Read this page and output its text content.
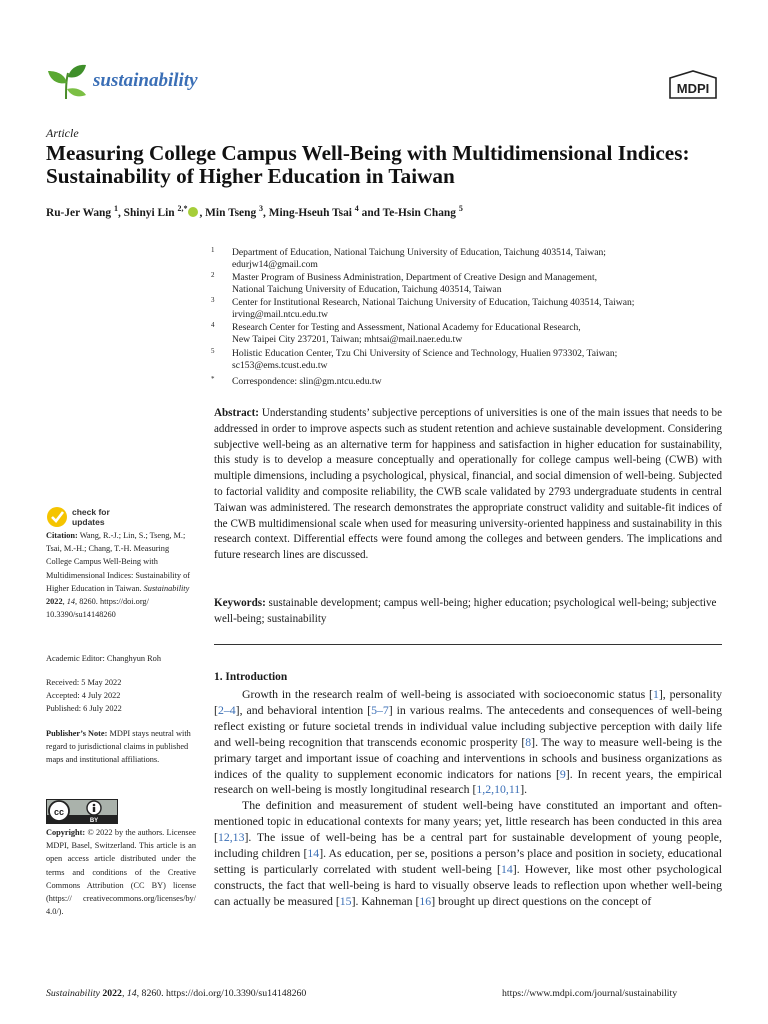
sustainability	MDPI
Article
Measuring College Campus Well-Being with Multidimensional Indices: Sustainability of Higher Education in Taiwan
Ru-Jer Wang $^1$, Shinyi Lin $^{2,*}$ , Min Tseng $^3$, Ming-Hseuh Tsai $^4$ and Te-Hsin Chang $^5$
1 Department of Education, National Taichung University of Education, Taichung 403514, Taiwan;
edurjw14@gmail.com
2 Master Program of Business Administration, Department of Creative Design and Management,
National Taichung University of Education, Taichung 403514, Taiwan
3 Center for Institutional Research, National Taichung University of Education, Taichung 403514, Taiwan;
irving@mail.ntcu.edu.tw
4 Research Center for Testing and Assessment, National Academy for Educational Research,
New Taipei City 237201, Taiwan; mhtsai@mail.naer.edu.tw
5 Holistic Education Center, Tzu Chi University of Science and Technology, Hualien 973302, Taiwan;
sc153@ems.tcust.edu.tw
* Correspondence: slin@gm.ntcu.edu.tw
Abstract: Understanding students’ subjective perceptions of universities is one of the main issues that needs to be addressed in order to improve aspects such as student retention and achieve sustainable development. Considering subjective well-being as an alternative term for happiness and satisfaction in higher education for sustainability, this study is to develop a measure conceptually and operationally for college campus well-being (CWB) with multiple dimensions, including a psychological, physical, financial, and social dimension of well-being. Subjected to factorial validity and composite reliability, the CWB scale validated by 2793 undergraduate students in central Taiwan was administered. The research demonstrates the appropriate construct validity and suitable-fit indices of the CWB multidimensional scale when used for measuring university-oriented happiness and sustainability in this research context. Differential effects were found among the colleges and between genders. The implications and future research lines are discussed.
Keywords: sustainable development; campus well-being; higher education; psychological well-being; subjective well-being; sustainability
1. Introduction

Growth in the research realm of well-being is associated with socioeconomic status [1], personality [2–4], and behavioral intention [5–7] in various realms. The antecedents and consequences of well-being reflect existing or future societal trends in individual value including subjective perception with daily life and well-being recognition that transcends economic prosperity [8]. The way to measure well-being is the primary target and important issue of coaching and interventions in schools and business organizations as indices of the quality to supplement economic indicators for nations [9]. In recent years, the empirical research on well-being is mostly longitudinal research [1,2,10,11].

The definition and measurement of student well-being have constituted an important and often-mentioned topic in educational contexts for many years; yet, little research has been conducted in this area [12,13]. The issue of well-being has be a central part for sustainable development of young people, including children [14]. As education, per se, positions a person’s place and position in society, educational setting is particularly correlated with student well-being [14]. However, like most other psychological constructs, the fact that well-being is hard to visually observe leads to reflection upon whether well-being can actually be measured [15]. Kahneman [16] brought up direct questions on the concept of

check for
updates
Citation: Wang, R.-J.; Lin, S.; Tseng, M.; Tsai, M.-H.; Chang, T.-H. Measuring College Campus Well-Being with Multidimensional Indices: Sustainability of Higher Education in Taiwan. Sustainability 2022, 14, 8260. https://doi.org/ 10.3390/su14148260
Academic Editor: Changhyun Roh
Received: 5 May 2022
Accepted: 4 July 2022
Published: 6 July 2022
Publisher’s Note: MDPI stays neutral with regard to jurisdictional claims in published maps and institutional affiliations.
cc
BY
Copyright: © 2022 by the authors. Licensee MDPI, Basel, Switzerland. This article is an open access article distributed under the terms and conditions of the Creative Commons Attribution (CC BY) license (https:// creativecommons.org/licenses/by/ 4.0/).
Sustainability 2022, 14, 8260. https://doi.org/10.3390/su14148260	https://www.mdpi.com/journal/sustainability
